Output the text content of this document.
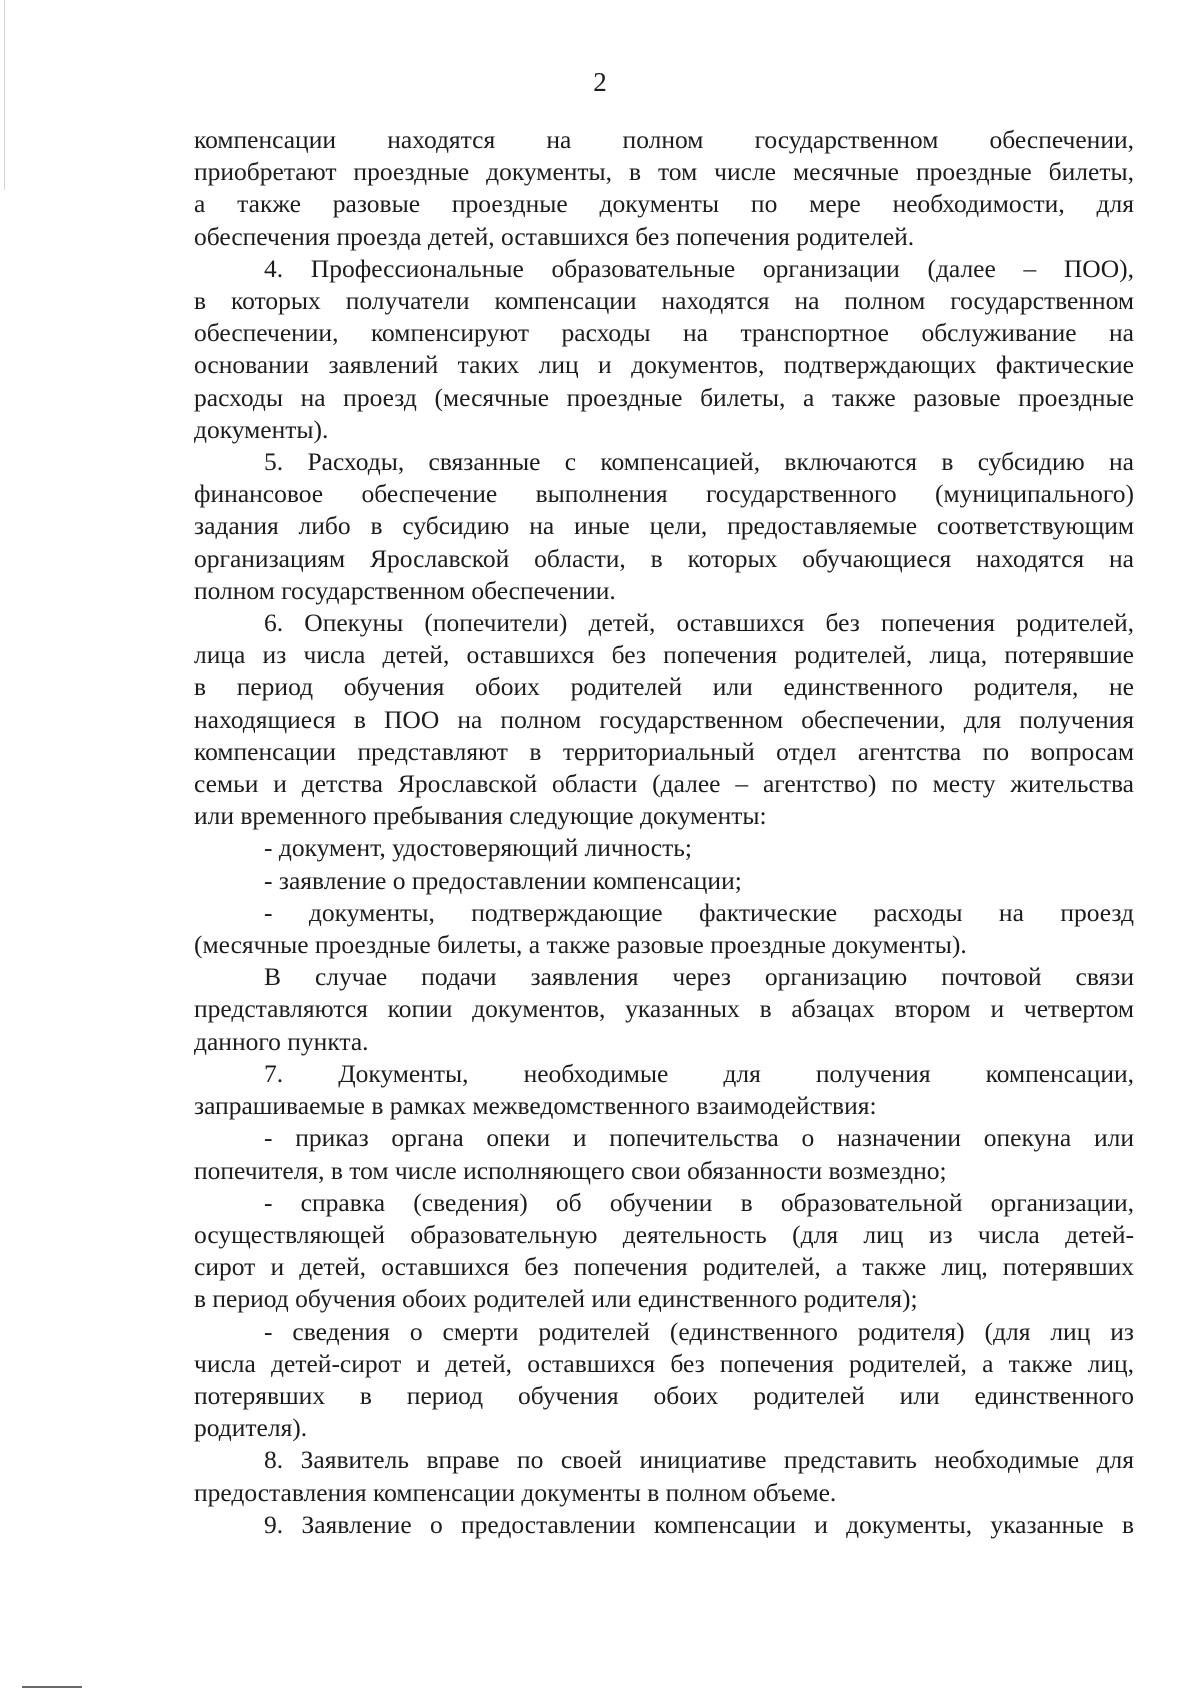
2

компенсации находятся на полном государственном обеспечении,

приобретают проездные документы, в том числе месячные проездные билеты,

а также разовые проездные документы по мере необходимости, для

обеспечения проезда детей, оставшихся без попечения родителей.

4. Профессиональные образовательные организации (далее – ПОО),

в которых получатели компенсации находятся на полном государственном

обеспечении, компенсируют расходы на транспортное обслуживание на

основании заявлений таких лиц и документов, подтверждающих фактические

расходы на проезд (месячные проездные билеты, а также разовые проездные

документы).

5. Расходы, связанные с компенсацией, включаются в субсидию на

финансовое обеспечение выполнения государственного (муниципального)

задания либо в субсидию на иные цели, предоставляемые соответствующим

организациям Ярославской области, в которых обучающиеся находятся на

полном государственном обеспечении.

6. Опекуны (попечители) детей, оставшихся без попечения родителей,

лица из числа детей, оставшихся без попечения родителей, лица, потерявшие

в период обучения обоих родителей или единственного родителя, не

находящиеся в ПОО на полном государственном обеспечении, для получения

компенсации представляют в территориальный отдел агентства по вопросам

семьи и детства Ярославской области (далее – агентство) по месту жительства

или временного пребывания следующие документы:

- документ, удостоверяющий личность;

- заявление о предоставлении компенсации;

- документы, подтверждающие фактические расходы на проезд

(месячные проездные билеты, а также разовые проездные документы).

В случае подачи заявления через организацию почтовой связи

представляются копии документов, указанных в абзацах втором и четвертом

данного пункта.

7. Документы, необходимые для получения компенсации,

запрашиваемые в рамках межведомственного взаимодействия:

- приказ органа опеки и попечительства о назначении опекуна или

попечителя, в том числе исполняющего свои обязанности возмездно;

- справка (сведения) об обучении в образовательной организации,

осуществляющей образовательную деятельность (для лиц из числа детей-

сирот и детей, оставшихся без попечения родителей, а также лиц, потерявших

в период обучения обоих родителей или единственного родителя);

- сведения о смерти родителей (единственного родителя) (для лиц из

числа детей-сирот и детей, оставшихся без попечения родителей, а также лиц,

потерявших в период обучения обоих родителей или единственного

родителя).

8. Заявитель вправе по своей инициативе представить необходимые для

предоставления компенсации документы в полном объеме.

9. Заявление о предоставлении компенсации и документы, указанные в
